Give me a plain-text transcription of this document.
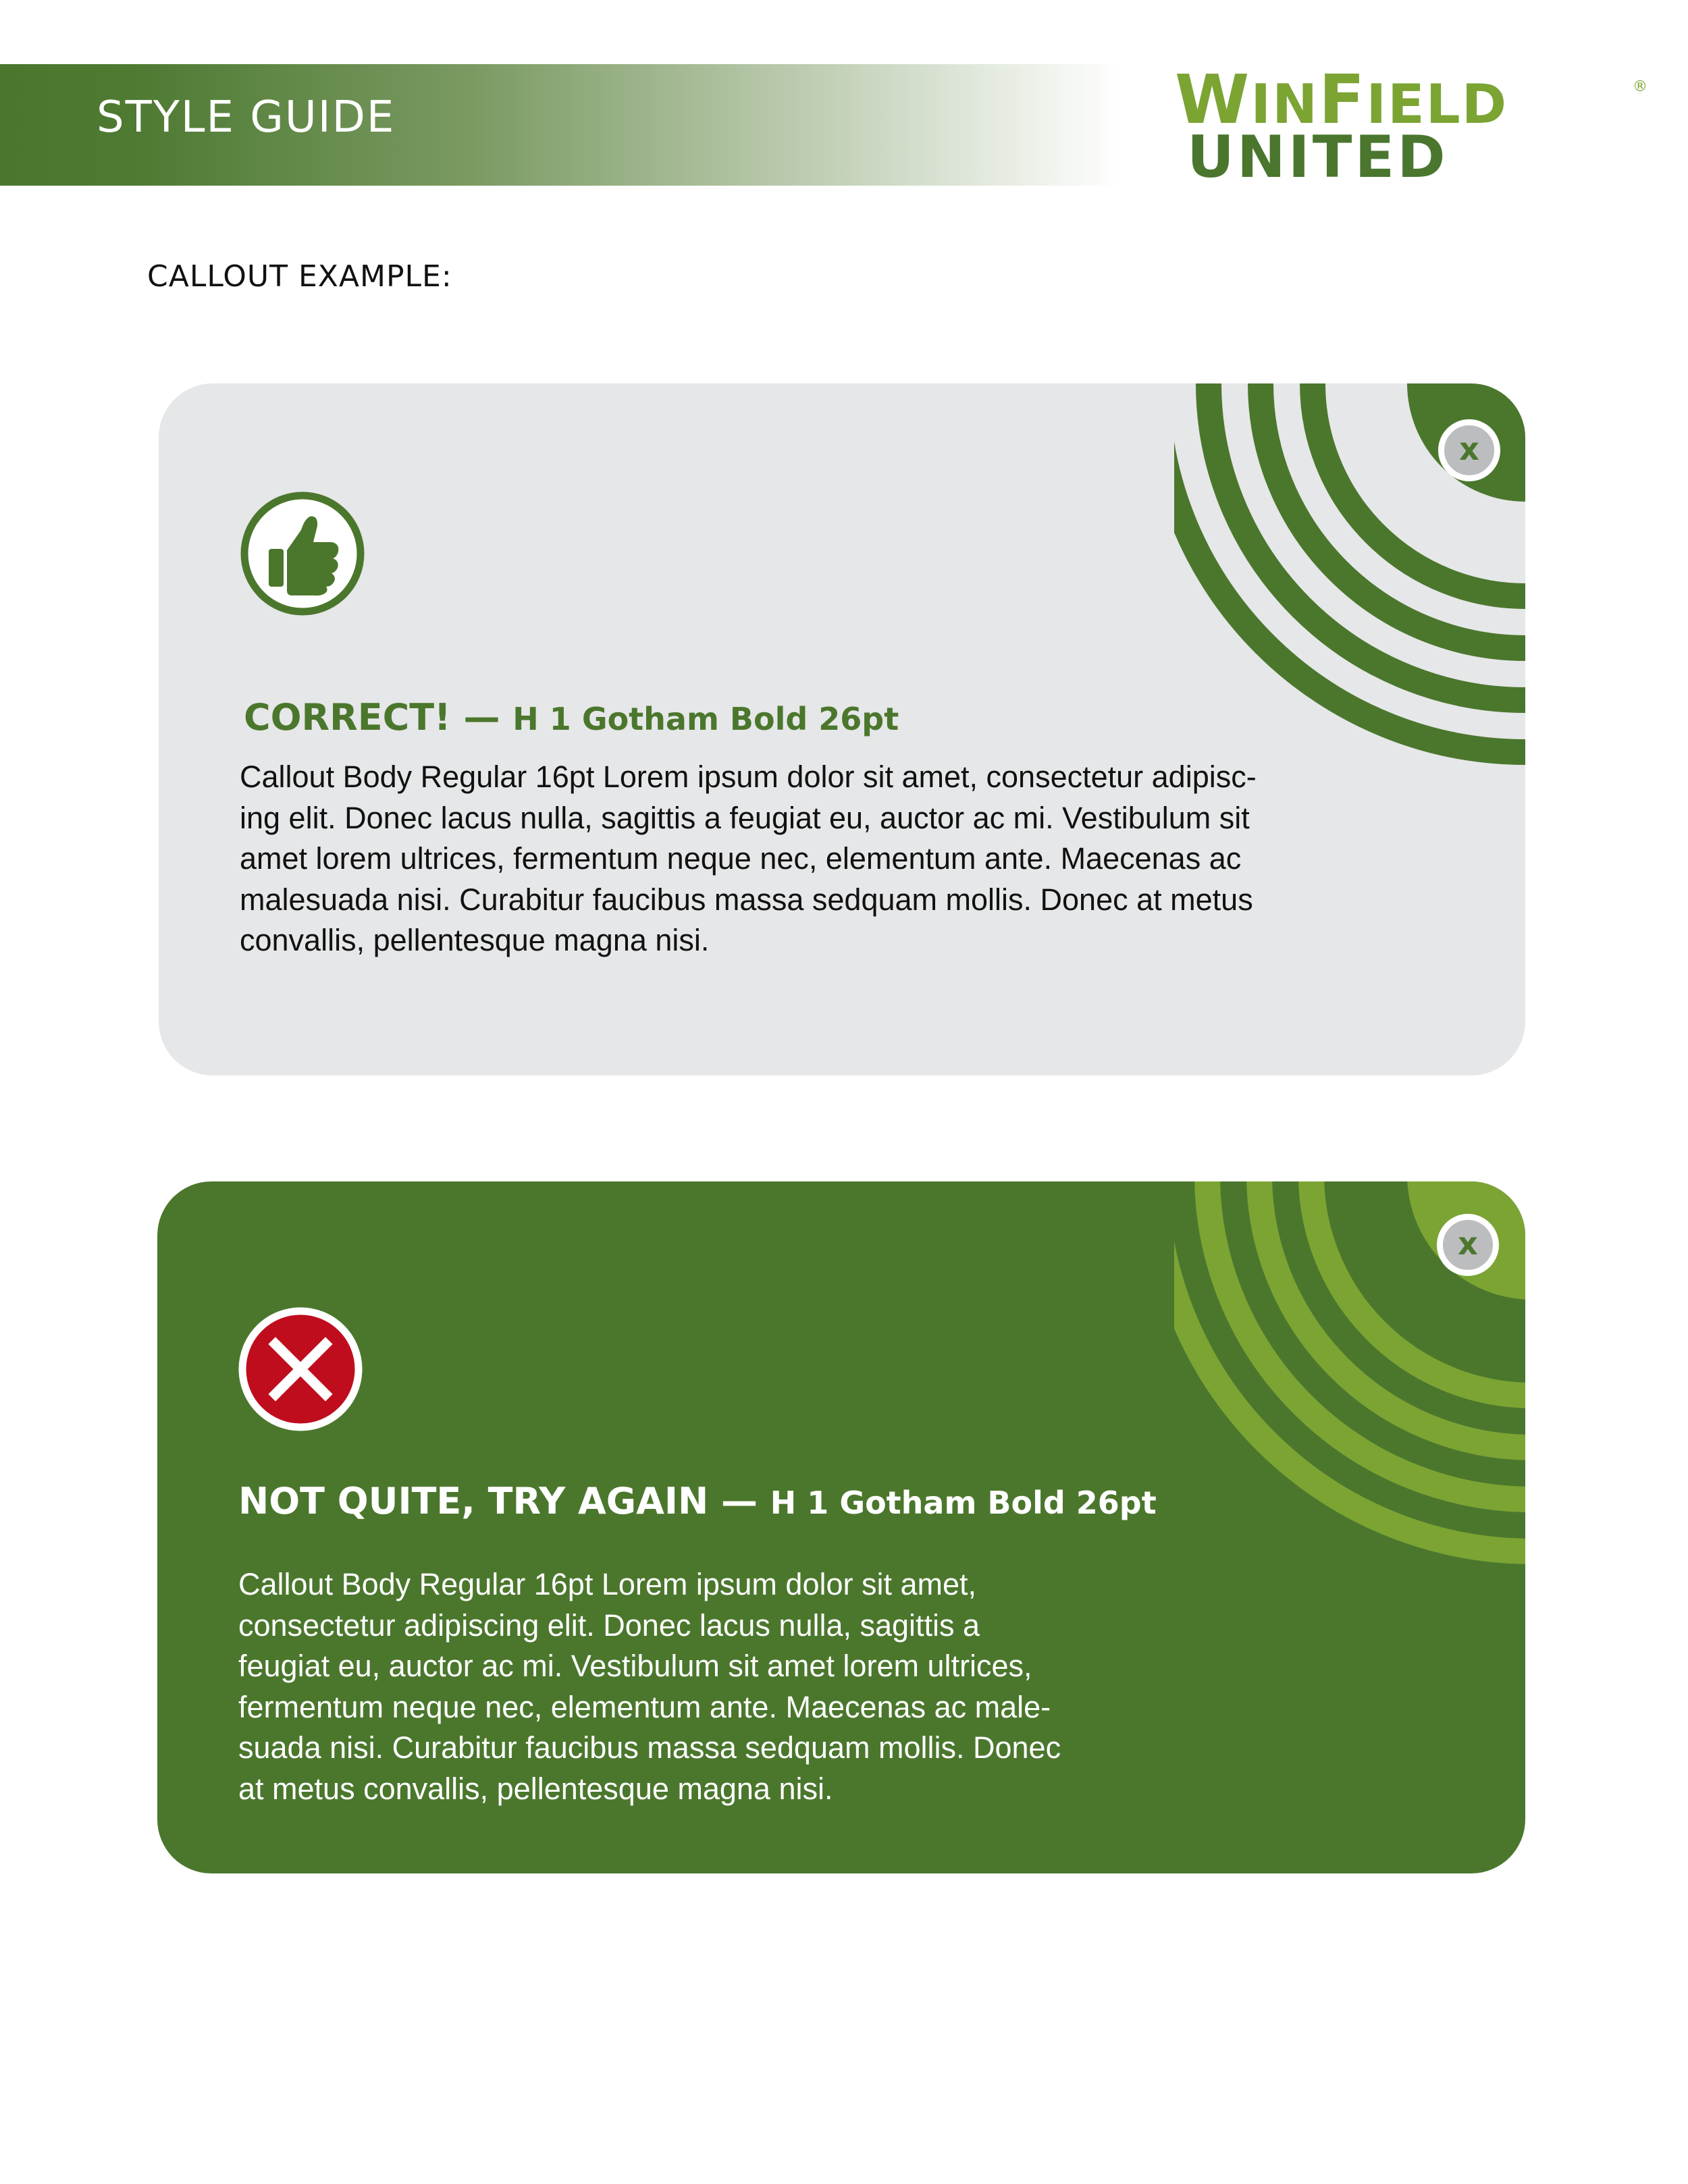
STYLE GUIDE	WINFIELD
UNITED
®
CALLOUT EXAMPLE:
x
CORRECT! — H 1 Gotham Bold 26pt
Callout Body Regular 16pt Lorem ipsum dolor sit amet, consectetur adipisc-
ing elit. Donec lacus nulla, sagittis a feugiat eu, auctor ac mi. Vestibulum sit
amet lorem ultrices, fermentum neque nec, elementum ante. Maecenas ac
malesuada nisi. Curabitur faucibus massa sedquam mollis. Donec at metus
convallis, pellentesque magna nisi.
x
NOT QUITE, TRY AGAIN — H 1 Gotham Bold 26pt
Callout Body Regular 16pt Lorem ipsum dolor sit amet,
consectetur adipiscing elit. Donec lacus nulla, sagittis a
feugiat eu, auctor ac mi. Vestibulum sit amet lorem ultrices,
fermentum neque nec, elementum ante. Maecenas ac male-
suada nisi. Curabitur faucibus massa sedquam mollis. Donec
at metus convallis, pellentesque magna nisi.
